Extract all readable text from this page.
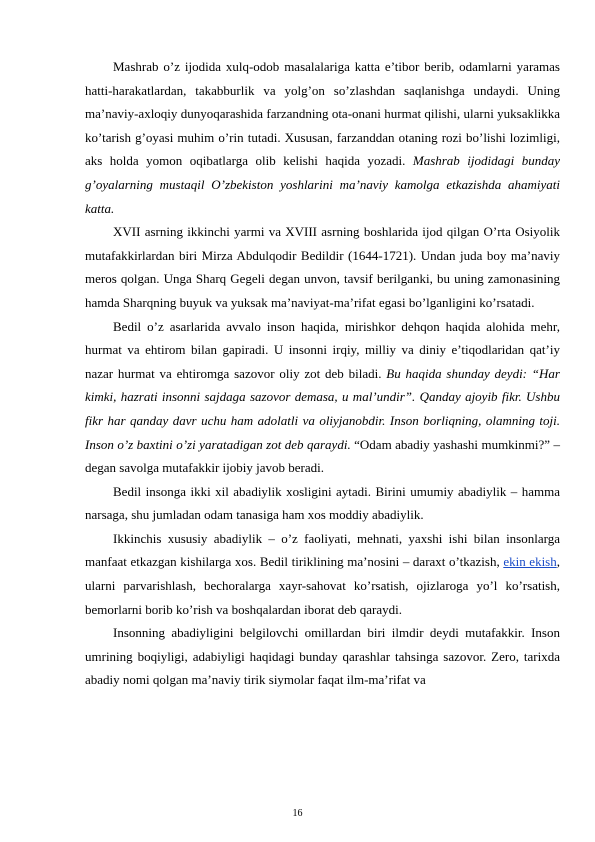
Mashrab o’z ijodida xulq-odob masalalariga katta e’tibor berib, odamlarni yaramas hatti-harakatlardan, takabburlik va yolg’on so’zlashdan saqlanishga undaydi. Uning ma’naviy-axloqiy dunyoqarashida farzandning ota-onani hurmat qilishi, ularni yuksaklikka ko’tarish g’oyasi muhim o’rin tutadi. Xususan, farzanddan otaning rozi bo’lishi lozimligi, aks holda yomon oqibatlarga olib kelishi haqida yozadi. Mashrab ijodidagi bunday g’oyalarning mustaqil O’zbekiston yoshlarini ma’naviy kamolga etkazishda ahamiyati katta.

XVII asrning ikkinchi yarmi va XVIII asrning boshlarida ijod qilgan O’rta Osiyolik mutafakkirlardan biri Mirza Abdulqodir Bedildir (1644-1721). Undan juda boy ma’naviy meros qolgan. Unga Sharq Gegeli degan unvon, tavsif berilganki, bu uning zamonasining hamda Sharqning buyuk va yuksak ma’naviyat-ma’rifat egasi bo’lganligini ko’rsatadi.

Bedil o’z asarlarida avvalo inson haqida, mirishkor dehqon haqida alohida mehr, hurmat va ehtirom bilan gapiradi. U insonni irqiy, milliy va diniy e’tiqodlaridan qat’iy nazar hurmat va ehtiromga sazovor oliy zot deb biladi. Bu haqida shunday deydi: “Har kimki, hazrati insonni sajdaga sazovor demasa, u mal’undir”. Qanday ajoyib fikr. Ushbu fikr har qanday davr uchu ham adolatli va oliyjanobdir. Inson borliqning, olamning toji. Inson o’z baxtini o’zi yaratadigan zot deb qaraydi. “Odam abadiy yashashi mumkinmi?” – degan savolga mutafakkir ijobiy javob beradi.

Bedil insonga ikki xil abadiylik xosligini aytadi. Birini umumiy abadiylik – hamma narsaga, shu jumladan odam tanasiga ham xos moddiy abadiylik.

Ikkinchis xususiy abadiylik – o’z faoliyati, mehnati, yaxshi ishi bilan insonlarga manfaat etkazgan kishilarga xos. Bedil tiriklining ma’nosini – daraxt o’tkazish, ekin ekish, ularni parvarishlash, bechoralarga xayr-sahovat ko’rsatish, ojizlaroga yo’l ko’rsatish, bemorlarni borib ko’rish va boshqalardan iborat deb qaraydi.

Insonning abadiyligini belgilovchi omillardan biri ilmdir deydi mutafakkir. Inson umrining boqiyligi, adabiyligi haqidagi bunday qarashlar tahsinga sazovor. Zero, tarixda abadiy nomi qolgan ma’naviy tirik siymolar faqat ilm-ma’rifat va

16
